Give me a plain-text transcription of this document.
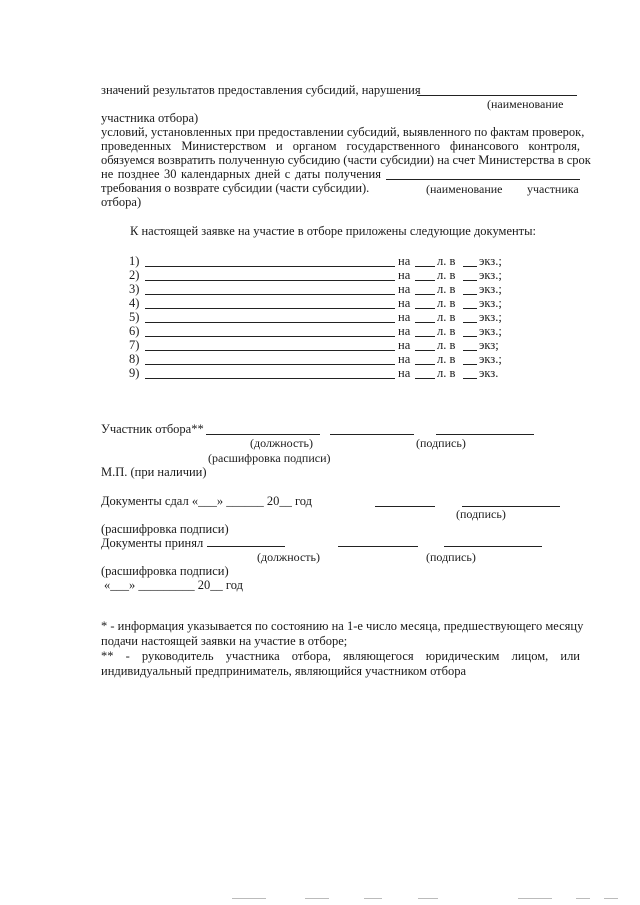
значений результатов предоставления субсидий, нарушения
(наименование
участника отбора)
условий, установленных при предоставлении субсидий, выявленного по фактам проверок,
проведенных Министерством и органом государственного финансового контроля,
обязуемся возвратить полученную субсидию (части субсидии) на счет Министерства в срок
не позднее 30 календарных дней с даты получения
требования о возврате субсидии (части субсидии).	(наименование участника
отбора)
К настоящей заявке на участие в отборе приложены следующие документы:
1)	на л. в экз.;
2)	на л. в экз.;
3)	на л. в экз.;
4)	на л. в экз.;
5)	на л. в экз.;
6)	на л. в экз.;
7)	на л. в экз;
8)	на л. в экз.;
9)	на л. в экз.
Участник отбора**
(должность)	(подпись)
(расшифровка подписи)
М.П. (при наличии)
Документы сдал «___» ______ 20__ год
(подпись)
(расшифровка подписи)
Документы принял
(должность)	(подпись)
(расшифровка подписи)
«___» _________ 20__ год
* - информация указывается по состоянию на 1-е число месяца, предшествующего месяцу
подачи настоящей заявки на участие в отборе;
** - руководитель участника отбора, являющегося юридическим лицом, или
индивидуальный предприниматель, являющийся участником отбора
